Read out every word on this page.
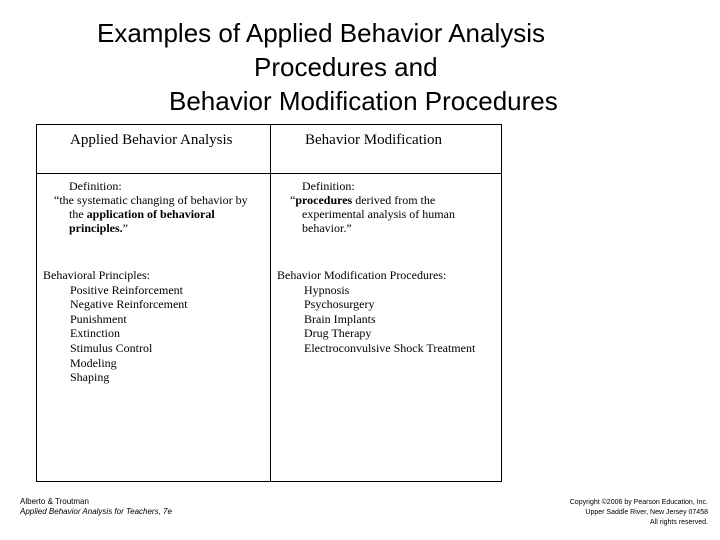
Examples of Applied Behavior Analysis
Procedures and
Behavior Modification Procedures
Applied Behavior Analysis	Behavior Modification
Definition:
“the systematic changing of behavior by
the application of behavioral
principles.”
Definition:
“procedures derived from the
experimental analysis of human
behavior.”
Behavioral Principles:
Positive Reinforcement
Negative Reinforcement
Punishment
Extinction
Stimulus Control
Modeling
Shaping
Behavior Modification Procedures:
Hypnosis
Psychosurgery
Brain Implants
Drug Therapy
Electroconvulsive Shock Treatment
Alberto & Troutman
Applied Behavior Analysis for Teachers, 7e
Copyright ©2006 by Pearson Education, Inc.
Upper Saddle River, New Jersey 07458
All rights reserved.
